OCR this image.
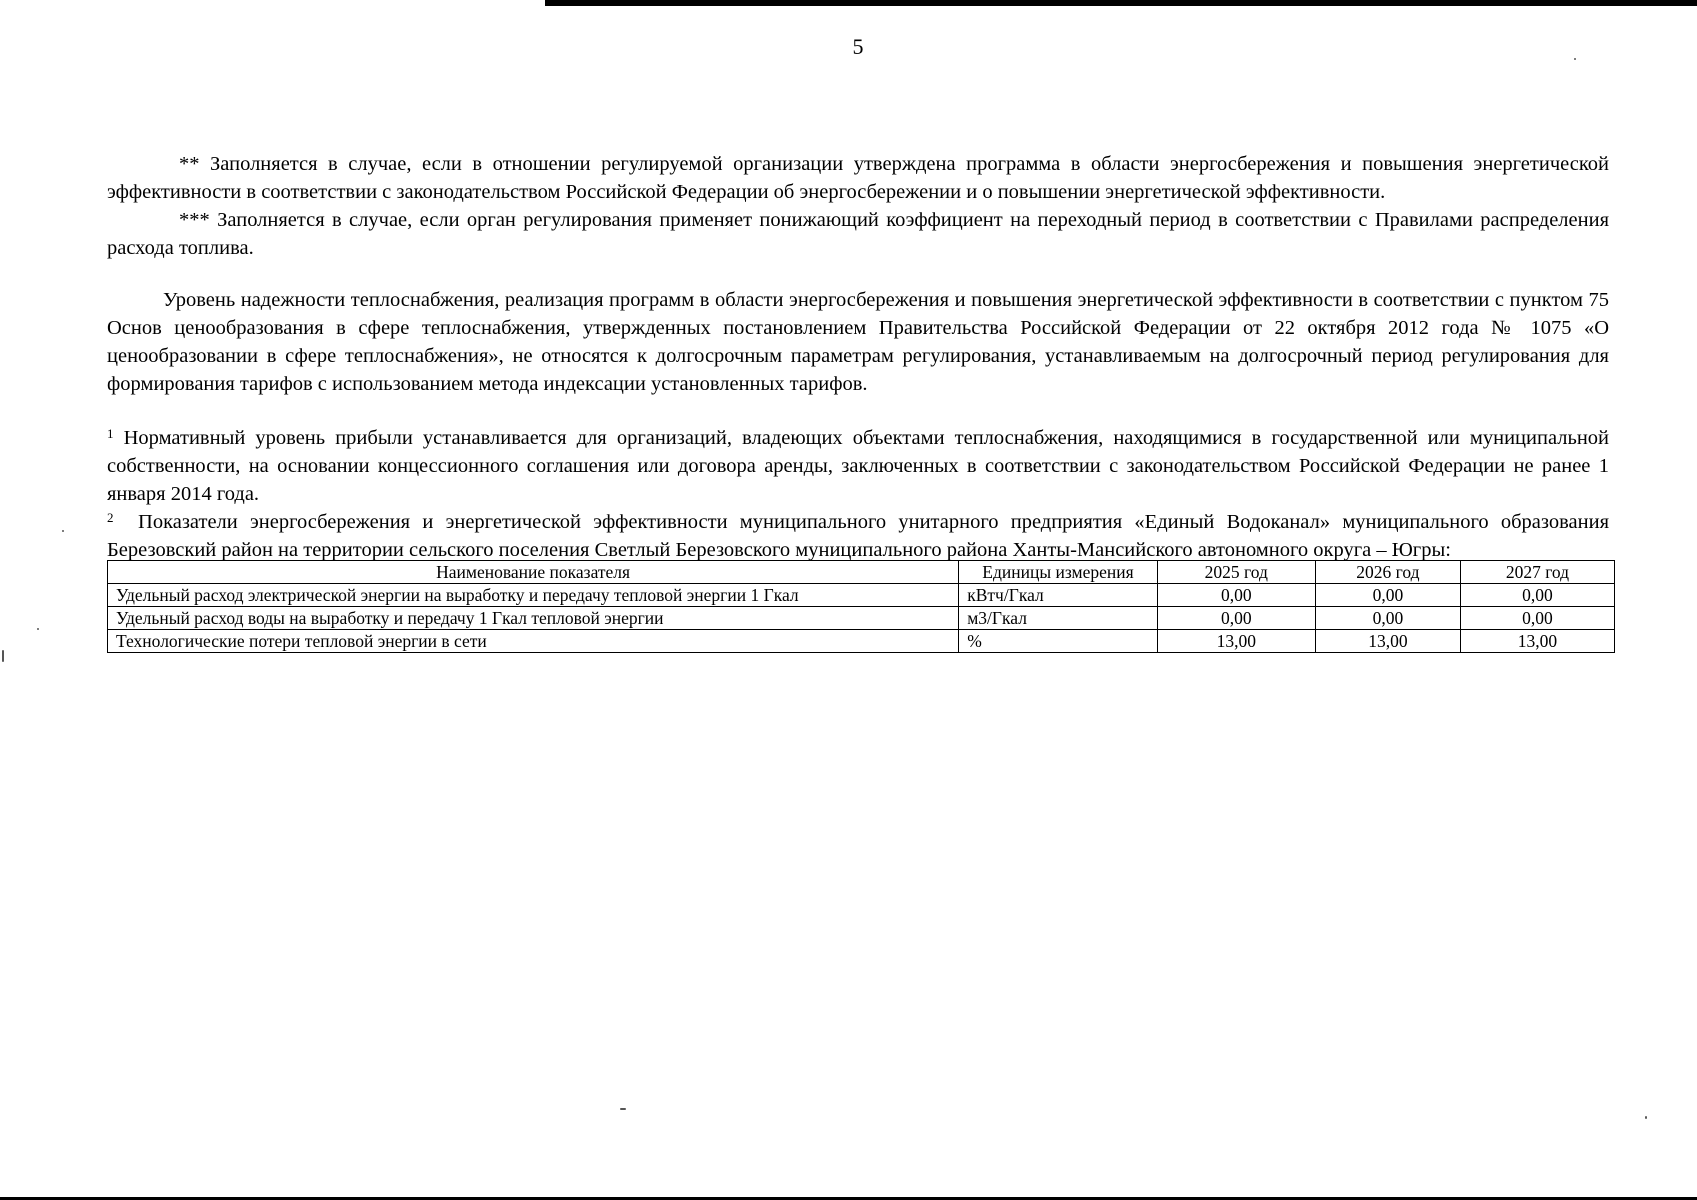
5

** Заполняется в случае, если в отношении регулируемой организации утверждена программа в области энергосбережения и повышения энергетической эффективности в соответствии с законодательством Российской Федерации об энергосбережении и о повышении энергетической эффективности.

*** Заполняется в случае, если орган регулирования применяет понижающий коэффициент на переходный период в соответствии с Правилами распределения расхода топлива.

Уровень надежности теплоснабжения, реализация программ в области энергосбережения и повышения энергетической эффективности в соответствии с пунктом 75 Основ ценообразования в сфере теплоснабжения, утвержденных постановлением Правительства Российской Федерации от 22 октября 2012 года № 1075 «О ценообразовании в сфере теплоснабжения», не относятся к долгосрочным параметрам регулирования, устанавливаемым на долгосрочный период регулирования для формирования тарифов с использованием метода индексации установленных тарифов.

$^1$ Нормативный уровень прибыли устанавливается для организаций, владеющих объектами теплоснабжения, находящимися в государственной или муниципальной собственности, на основании концессионного соглашения или договора аренды, заключенных в соответствии с законодательством Российской Федерации не ранее 1 января 2014 года.

$^2$ Показатели энергосбережения и энергетической эффективности муниципального унитарного предприятия «Единый Водоканал» муниципального образования Березовский район на территории сельского поселения Светлый Березовского муниципального района Ханты-Мансийского автономного округа – Югры:

Наименование показателя	Единицы измерения	2025 год	2026 год	2027 год
Удельный расход электрической энергии на выработку и передачу тепловой энергии 1 Гкал	кВтч/Гкал	0,00	0,00	0,00
Удельный расход воды на выработку и передачу 1 Гкал тепловой энергии	м3/Гкал	0,00	0,00	0,00
Технологические потери тепловой энергии в сети	%	13,00	13,00	13,00
